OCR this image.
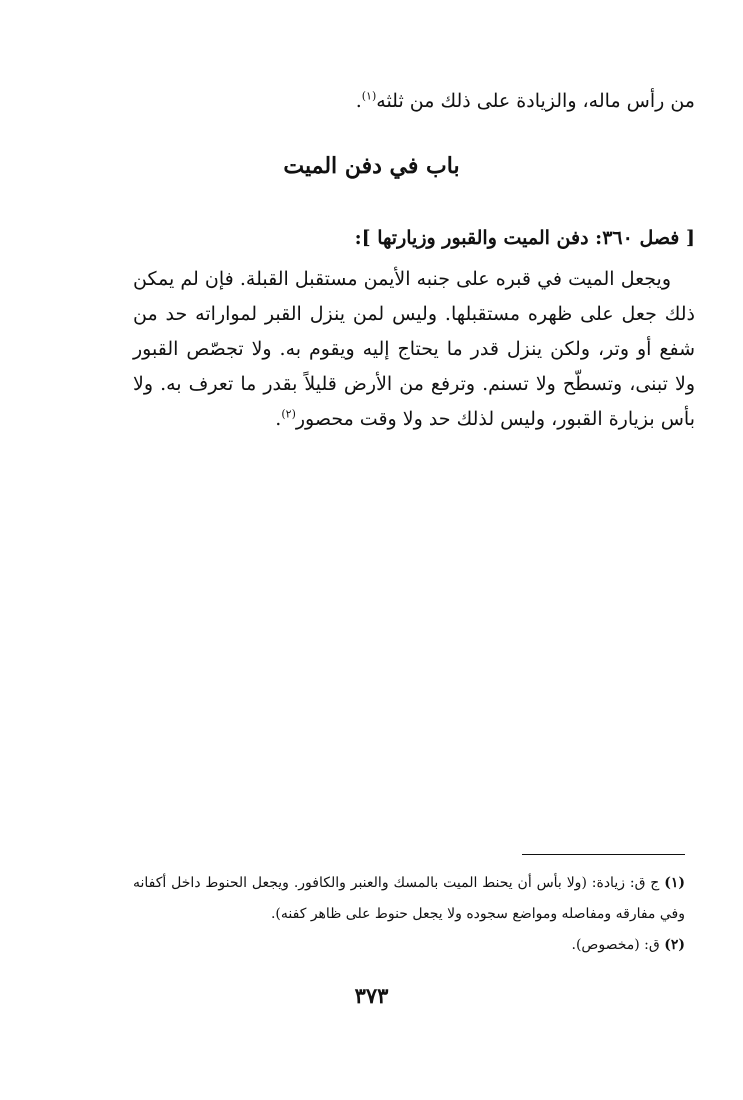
من رأس ماله، والزيادة على ذلك من ثلثه$^{(١)}$.
باب في دفن الميت
[ فصل ٣٦٠: دفن الميت والقبور وزيارتها ]:

ويجعل الميت في قبره على جنبه الأيمن مستقبل القبلة. فإن لم يمكن ذلك جعل على ظهره مستقبلها. وليس لمن ينزل القبر لمواراته حد من شفع أو وتر، ولكن ينزل قدر ما يحتاج إليه ويقوم به. ولا تجصّص القبور ولا تبنى، وتسطّح ولا تسنم. وترفع من الأرض قليلاً بقدر ما تعرف به. ولا بأس بزيارة القبور، وليس لذلك حد ولا وقت محصور$^{(٢)}$.

(١) ج ق: زيادة: (ولا بأس أن يحنط الميت بالمسك والعنبر والكافور. ويجعل الحنوط داخل أكفانه وفي مفارقه ومفاصله ومواضع سجوده ولا يجعل حنوط على ظاهر كفنه).

(٢) ق: (مخصوص).

٣٧٣
